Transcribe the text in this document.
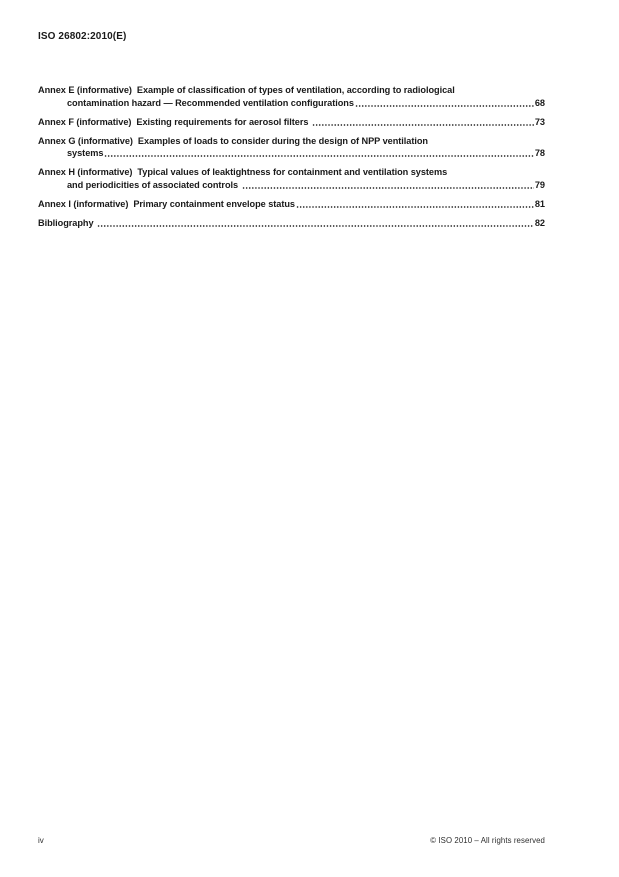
ISO 26802:2010(E)
Annex E (informative)  Example of classification of types of ventilation, according to radiological
contamination hazard — Recommended ventilation configurations	68
Annex F (informative)  Existing requirements for aerosol filters	73
Annex G (informative)  Examples of loads to consider during the design of NPP ventilation
systems	78
Annex H (informative)  Typical values of leaktightness for containment and ventilation systems
and periodicities of associated controls	79
Annex I (informative)  Primary containment envelope status	81
Bibliography	82
iv	© ISO 2010 – All rights reserved
